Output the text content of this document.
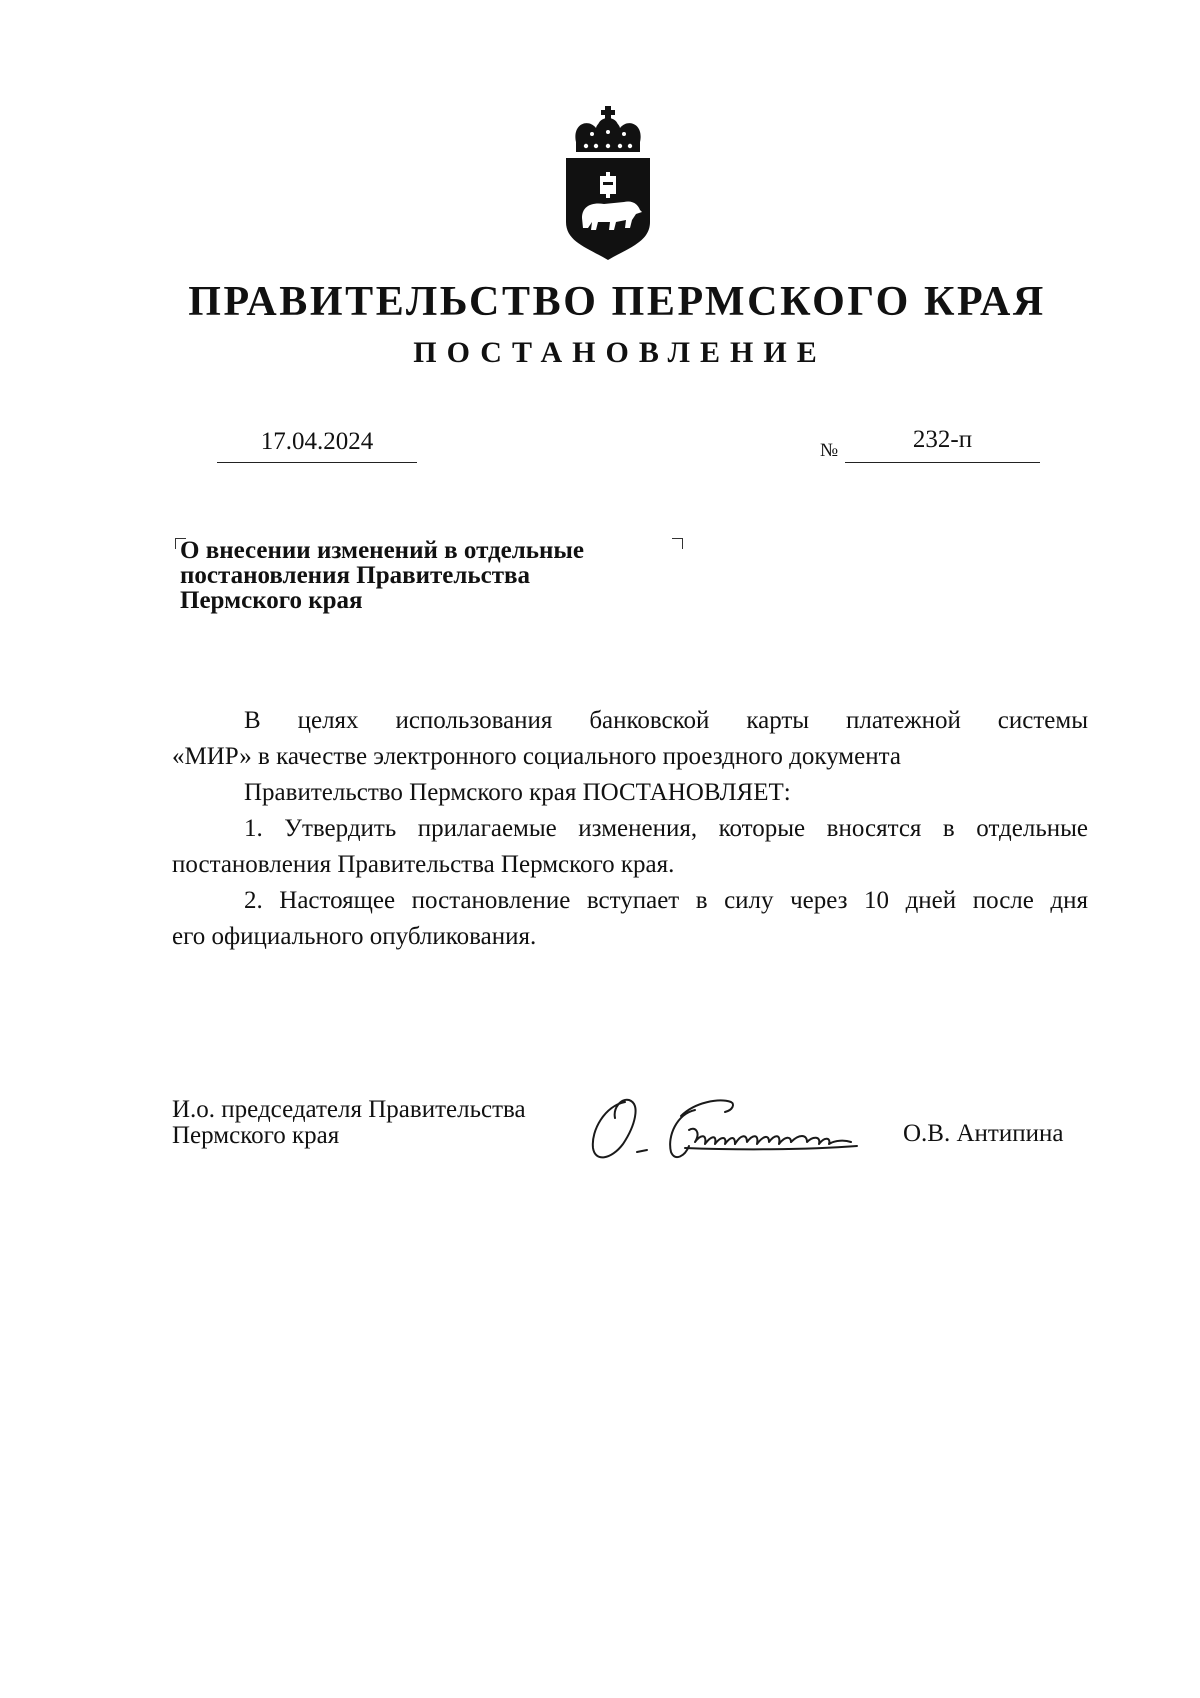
ПРАВИТЕЛЬСТВО ПЕРМСКОГО КРАЯ
ПОСТАНОВЛЕНИЕ
17.04.2024	№	232-п
О внесении изменений в отдельные
постановления Правительства
Пермского края

В целях использования банковской карты платежной системы

«МИР» в качестве электронного социального проездного документа

Правительство Пермского края ПОСТАНОВЛЯЕТ:

1. Утвердить прилагаемые изменения, которые вносятся в отдельные

постановления Правительства Пермского края.

2. Настоящее постановление вступает в силу через 10 дней после дня

его официального опубликования.

И.о. председателя Правительства
Пермского края	О.В. Антипина
